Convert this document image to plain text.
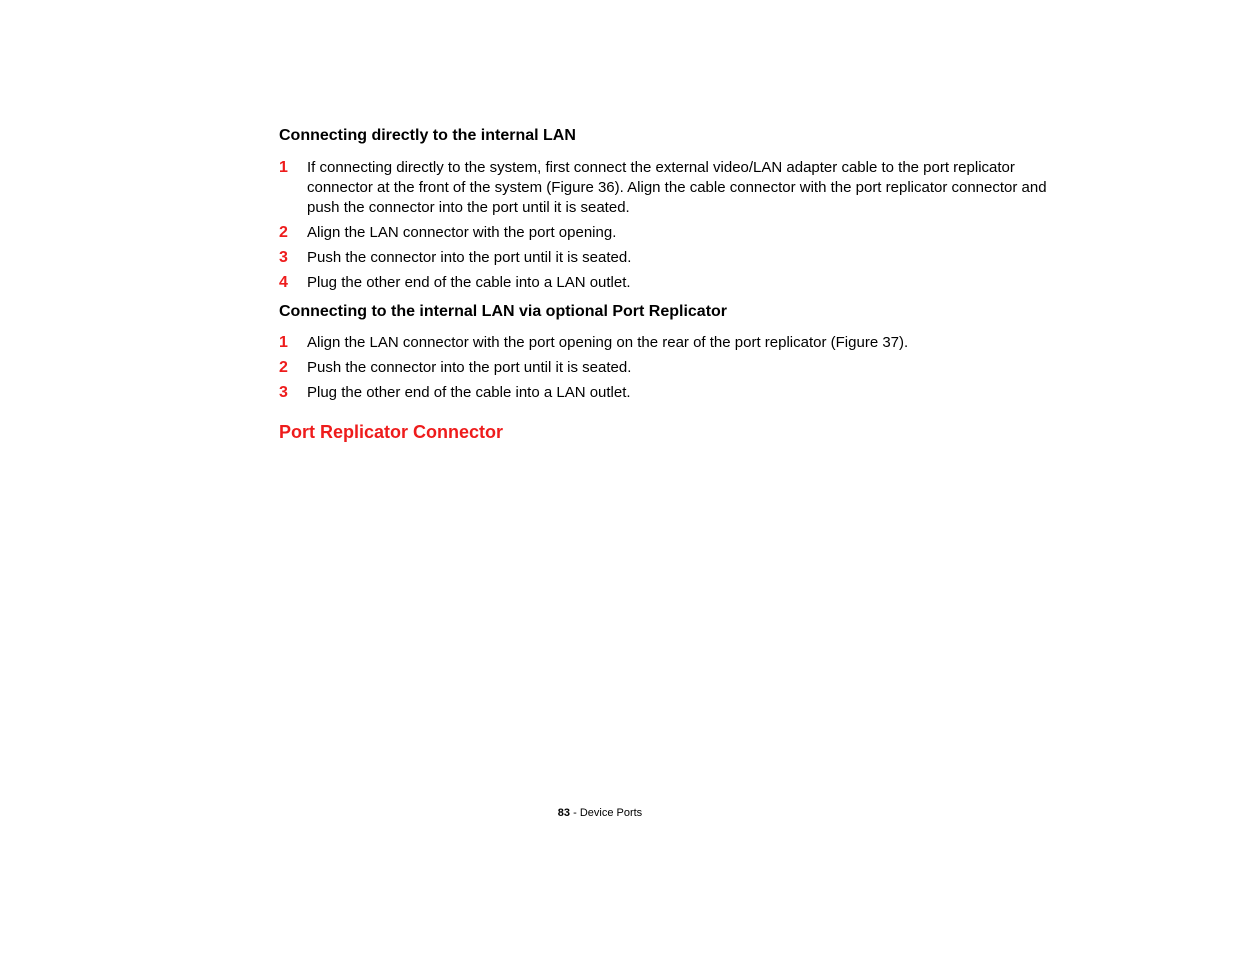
Connecting directly to the internal LAN
1 If connecting directly to the system, first connect the external video/LAN adapter cable to the port replicator connector at the front of the system (Figure 36). Align the cable connector with the port replicator connector and push the connector into the port until it is seated.
2 Align the LAN connector with the port opening.
3 Push the connector into the port until it is seated.
4 Plug the other end of the cable into a LAN outlet.
Connecting to the internal LAN via optional Port Replicator
1 Align the LAN connector with the port opening on the rear of the port replicator (Figure 37).
2 Push the connector into the port until it is seated.
3 Plug the other end of the cable into a LAN outlet.
Port Replicator Connector
83 - Device Ports
